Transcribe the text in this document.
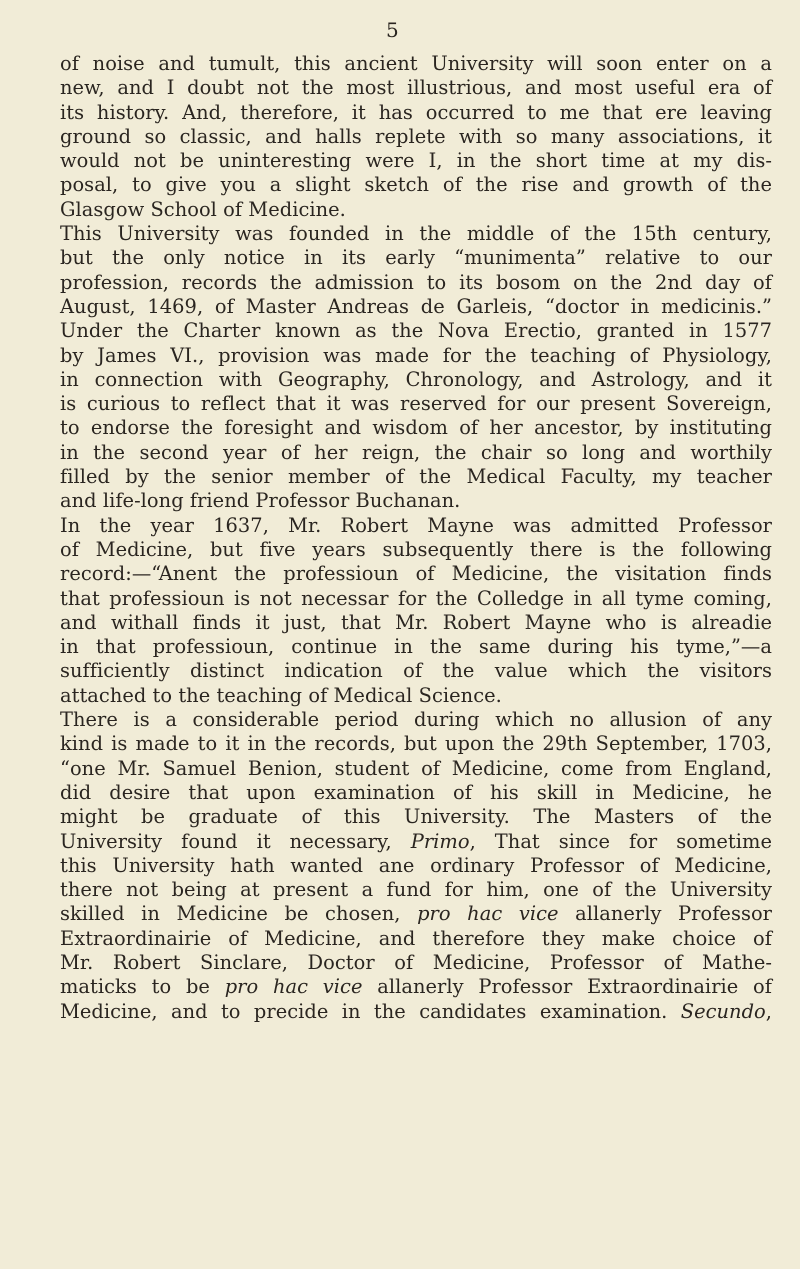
5
of noise and tumult, this ancient University will soon enter on a
new, and I doubt not the most illustrious, and most useful era of
its history. And, therefore, it has occurred to me that ere leaving
ground so classic, and halls replete with so many associations, it
would not be uninteresting were I, in the short time at my dis-
posal, to give you a slight sketch of the rise and growth of the
Glasgow School of Medicine.
This University was founded in the middle of the 15th century,
but the only notice in its early “munimenta” relative to our
profession, records the admission to its bosom on the 2nd day of
August, 1469, of Master Andreas de Garleis, “doctor in medicinis.”
Under the Charter known as the Nova Erectio, granted in 1577
by James VI., provision was made for the teaching of Physiology,
in connection with Geography, Chronology, and Astrology, and it
is curious to reflect that it was reserved for our present Sovereign,
to endorse the foresight and wisdom of her ancestor, by instituting
in the second year of her reign, the chair so long and worthily
filled by the senior member of the Medical Faculty, my teacher
and life-long friend Professor Buchanan.
In the year 1637, Mr. Robert Mayne was admitted Professor
of Medicine, but five years subsequently there is the following
record:—“Anent the professioun of Medicine, the visitation finds
that professioun is not necessar for the Colledge in all tyme coming,
and withall finds it just, that Mr. Robert Mayne who is alreadie
in that professioun, continue in the same during his tyme,”—a
sufficiently distinct indication of the value which the visitors
attached to the teaching of Medical Science.
There is a considerable period during which no allusion of any
kind is made to it in the records, but upon the 29th September, 1703,
“one Mr. Samuel Benion, student of Medicine, come from England,
did desire that upon examination of his skill in Medicine, he
might be graduate of this University. The Masters of the
University found it necessary, Primo, That since for sometime
this University hath wanted ane ordinary Professor of Medicine,
there not being at present a fund for him, one of the University
skilled in Medicine be chosen, pro hac vice allanerly Professor
Extraordinairie of Medicine, and therefore they make choice of
Mr. Robert Sinclare, Doctor of Medicine, Professor of Mathe-
maticks to be pro hac vice allanerly Professor Extraordinairie of
Medicine, and to precide in the candidates examination. Secundo,
